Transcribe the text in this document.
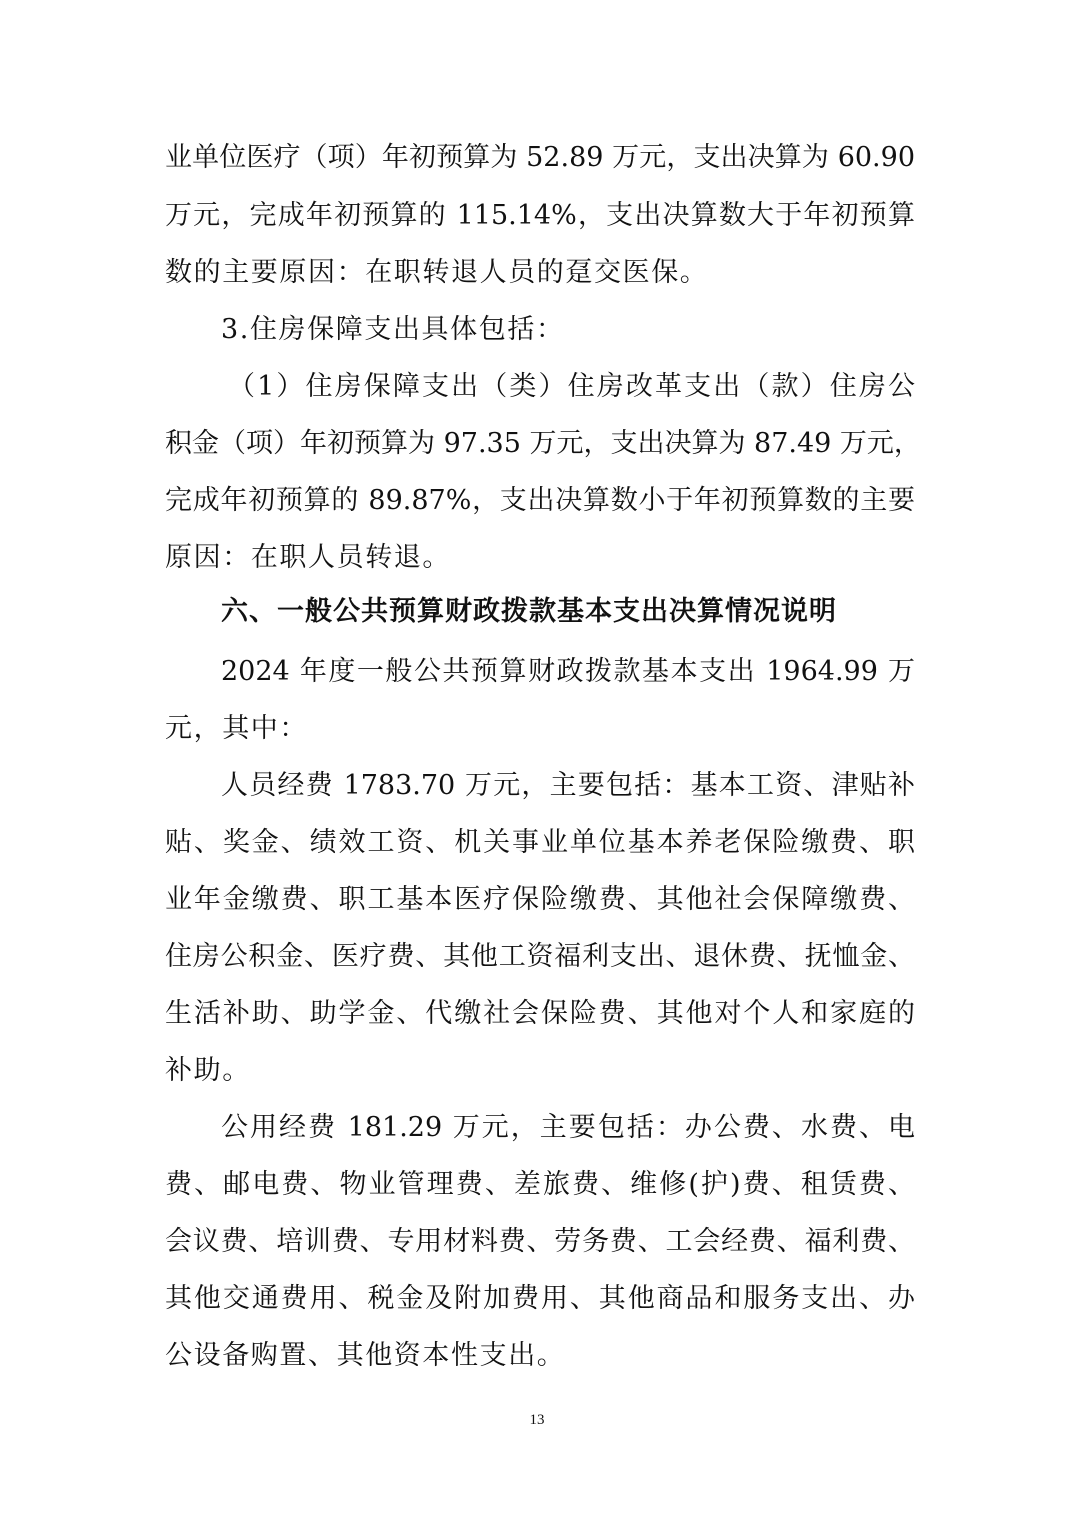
业单位医疗（项）年初预算为 52.89 万元，支出决算为 60.90
万元，完成年初预算的 115.14%，支出决算数大于年初预算
数的主要原因：在职转退人员的趸交医保。
3.住房保障支出具体包括：
（1）住房保障支出（类）住房改革支出（款）住房公
积金（项）年初预算为 97.35 万元，支出决算为 87.49 万元，
完成年初预算的 89.87%，支出决算数小于年初预算数的主要
原因：在职人员转退。
六、一般公共预算财政拨款基本支出决算情况说明
2024 年度一般公共预算财政拨款基本支出 1964.99 万
元，其中：
人员经费 1783.70 万元，主要包括：基本工资、津贴补
贴、奖金、绩效工资、机关事业单位基本养老保险缴费、职
业年金缴费、职工基本医疗保险缴费、其他社会保障缴费、
住房公积金、医疗费、其他工资福利支出、退休费、抚恤金、
生活补助、助学金、代缴社会保险费、其他对个人和家庭的
补助。
公用经费 181.29 万元，主要包括：办公费、水费、电
费、邮电费、物业管理费、差旅费、维修(护)费、租赁费、
会议费、培训费、专用材料费、劳务费、工会经费、福利费、
其他交通费用、税金及附加费用、其他商品和服务支出、办
公设备购置、其他资本性支出。
13
